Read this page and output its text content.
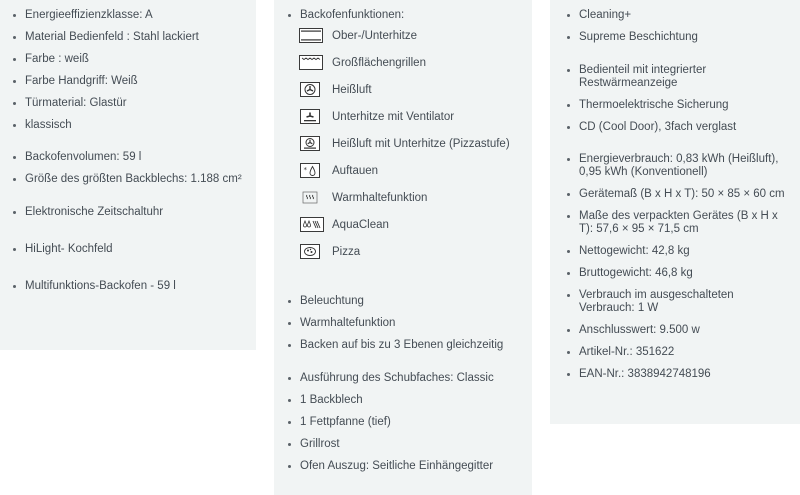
Energieeffizienzklasse: A
Material Bedienfeld : Stahl lackiert
Farbe : weiß
Farbe Handgriff: Weiß
Türmaterial: Glastür
klassisch
Backofenvolumen: 59 l
Größe des größten Backblechs: 1.188 cm²
Elektronische Zeitschaltuhr
HiLight- Kochfeld
Multifunktions-Backofen - 59 l
Backofenfunktionen:
Ober-/Unterhitze
Großflächengrillen
Heißluft
Unterhitze mit Ventilator
Heißluft mit Unterhitze (Pizzastufe)
* Auftauen
Warmhaltefunktion
AquaClean
Pizza
Beleuchtung
Warmhaltefunktion
Backen auf bis zu 3 Ebenen gleichzeitig
Ausführung des Schubfaches: Classic
1 Backblech
1 Fettpfanne (tief)
Grillrost
Ofen Auszug: Seitliche Einhängegitter
Cleaning+
Supreme Beschichtung
Bedienteil mit integrierter Restwärmeanzeige
Thermoelektrische Sicherung
CD (Cool Door), 3fach verglast
Energieverbrauch: 0,83 kWh (Heißluft), 0,95 kWh (Konventionell)
Gerätemaß (B x H x T): 50 × 85 × 60 cm
Maße des verpackten Gerätes (B x H x T): 57,6 × 95 × 71,5 cm
Nettogewicht: 42,8 kg
Bruttogewicht: 46,8 kg
Verbrauch im ausgeschalteten Verbrauch: 1 W
Anschlusswert: 9.500 w
Artikel-Nr.: 351622
EAN-Nr.: 3838942748196
